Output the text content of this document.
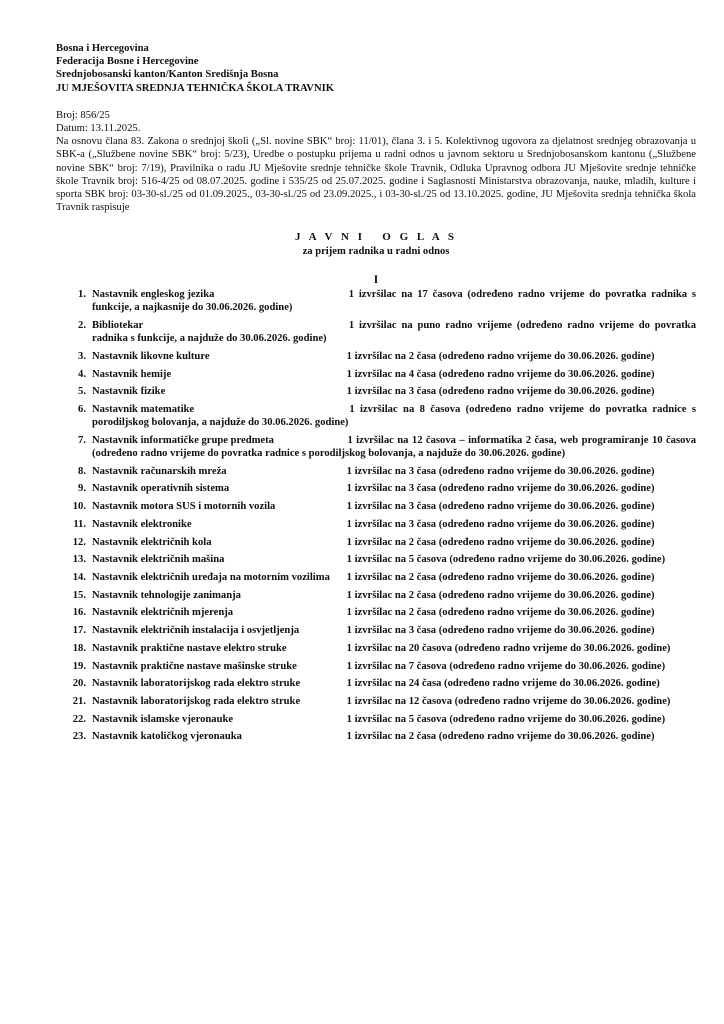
Bosna i Hercegovina
Federacija Bosne i Hercegovine
Srednjobosanski kanton/Kanton Središnja Bosna
JU MJEŠOVITA SREDNJA TEHNIČKA ŠKOLA TRAVNIK
Broj: 856/25
Datum: 13.11.2025.
Na osnovu člana 83. Zakona o srednjoj školi („Sl. novine SBK“ broj: 11/01), člana 3. i 5. Kolektivnog ugovora za djelatnost srednjeg obrazovanja u SBK-a („Službene novine SBK“ broj: 5/23), Uredbe o postupku prijema u radni odnos u javnom sektoru u Srednjobosanskom kantonu („Službene novine SBK“ broj: 7/19), Pravilnika o radu JU Mješovite srednje tehničke škole Travnik, Odluka Upravnog odbora JU Mješovite srednje tehničke škole Travnik broj: 516-4/25 od 08.07.2025. godine i 535/25 od 25.07.2025. godine i Saglasnosti Ministarstva obrazovanja, nauke, mladih, kulture i sporta SBK broj: 03-30-sl./25 od 01.09.2025., 03-30-sl./25 od 23.09.2025., i 03-30-sl./25 od 13.10.2025. godine, JU Mješovita srednja tehnička škola Travnik raspisuje
J A V N I   O G L A S
za prijem radnika u radni odnos
I
1. Nastavnik engleskog jezika	1 izvršilac na 17 časova (određeno radno vrijeme do povratka radnika s funkcije, a najkasnije do 30.06.2026. godine)
2. Bibliotekar	1 izvršilac na puno radno vrijeme (određeno radno vrijeme do povratka radnika s funkcije, a najduže do 30.06.2026. godine)
3. Nastavnik likovne kulture	1 izvršilac na 2 časa (određeno radno vrijeme do 30.06.2026. godine)
4. Nastavnik hemije	1 izvršilac na 4 časa (određeno radno vrijeme do 30.06.2026. godine)
5. Nastavnik fizike	1 izvršilac na 3 časa (određeno radno vrijeme do 30.06.2026. godine)
6. Nastavnik matematike	1 izvršilac na 8 časova (određeno radno vrijeme do povratka radnice s porodiljskog bolovanja, a najduže do 30.06.2026. godine)
7. Nastavnik informatičke grupe predmeta	1 izvršilac na 12 časova – informatika 2 časa, web programiranje 10 časova (određeno radno vrijeme do povratka radnice s porodiljskog bolovanja, a najduže do 30.06.2026. godine)
8. Nastavnik računarskih mreža	1 izvršilac na 3 časa (određeno radno vrijeme do 30.06.2026. godine)
9. Nastavnik operativnih sistema	1 izvršilac na 3 časa (određeno radno vrijeme do 30.06.2026. godine)
10. Nastavnik motora SUS i motornih vozila	1 izvršilac na 3 časa (određeno radno vrijeme do 30.06.2026. godine)
11. Nastavnik elektronike	1 izvršilac na 3 časa (određeno radno vrijeme do 30.06.2026. godine)
12. Nastavnik električnih kola	1 izvršilac na 2 časa (određeno radno vrijeme do 30.06.2026. godine)
13. Nastavnik električnih mašina	1 izvršilac na 5 časova (određeno radno vrijeme do 30.06.2026. godine)
14. Nastavnik električnih uređaja na motornim vozilima 1 izvršilac na 2 časa (određeno radno vrijeme do 30.06.2026. godine)
15. Nastavnik tehnologije zanimanja	1 izvršilac na 2 časa (određeno radno vrijeme do 30.06.2026. godine)
16. Nastavnik električnih mjerenja	1 izvršilac na 2 časa (određeno radno vrijeme do 30.06.2026. godine)
17. Nastavnik električnih instalacija i osvjetljenja	1 izvršilac na 3 časa (određeno radno vrijeme do 30.06.2026. godine)
18. Nastavnik praktične nastave elektro struke	1 izvršilac na 20 časova (određeno radno vrijeme do 30.06.2026. godine)
19. Nastavnik praktične nastave mašinske struke	1 izvršilac na 7 časova (određeno radno vrijeme do 30.06.2026. godine)
20. Nastavnik laboratorijskog rada elektro struke	1 izvršilac na 24 časa (određeno radno vrijeme do 30.06.2026. godine)
21. Nastavnik laboratorijskog rada elektro struke	1 izvršilac na 12 časova (određeno radno vrijeme do 30.06.2026. godine)
22. Nastavnik islamske vjeronauke	1 izvršilac na 5 časova (određeno radno vrijeme do 30.06.2026. godine)
23. Nastavnik katoličkog vjeronauka	1 izvršilac na 2 časa (određeno radno vrijeme do 30.06.2026. godine)
